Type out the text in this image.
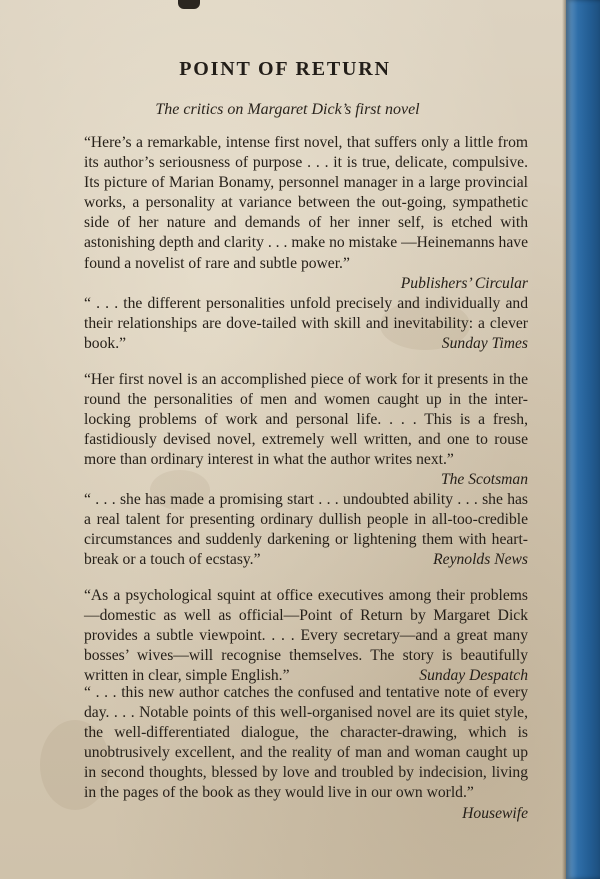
POINT OF RETURN
The critics on Margaret Dick’s first novel
“Here’s a remarkable, intense first novel, that suffers only a little from its author’s seriousness of purpose . . . it is true, delicate, compulsive. Its picture of Marian Bonamy, personnel manager in a large provincial works, a personality at variance between the out-going, sympathetic side of her nature and demands of her inner self, is etched with astonishing depth and clarity . . . make no mistake —Heinemanns have found a novelist of rare and subtle power.”
Publishers’ Circular
“ . . . the different personalities unfold precisely and individually and their relationships are dove-tailed with skill and inevitability: a clever book.”	Sunday Times
“Her first novel is an accomplished piece of work for it presents in the round the personalities of men and women caught up in the inter-locking problems of work and personal life. . . . This is a fresh, fastidiously devised novel, extremely well written, and one to rouse more than ordinary interest in what the author writes next.”
The Scotsman
“ . . . she has made a promising start . . . undoubted ability . . . she has a real talent for presenting ordinary dullish people in all-too-credible circumstances and suddenly darkening or lightening them with heart-break or a touch of ecstasy.”	Reynolds News
“As a psychological squint at office executives among their problems —domestic as well as official—Point of Return by Margaret Dick provides a subtle viewpoint. . . . Every secretary—and a great many bosses’ wives—will recognise themselves. The story is beautifully written in clear, simple English.”	Sunday Despatch
“ . . . this new author catches the confused and tentative note of every day. . . . Notable points of this well-organised novel are its quiet style, the well-differentiated dialogue, the character-drawing, which is unobtrusively excellent, and the reality of man and woman caught up in second thoughts, blessed by love and troubled by indecision, living in the pages of the book as they would live in our own world.”
Housewife
